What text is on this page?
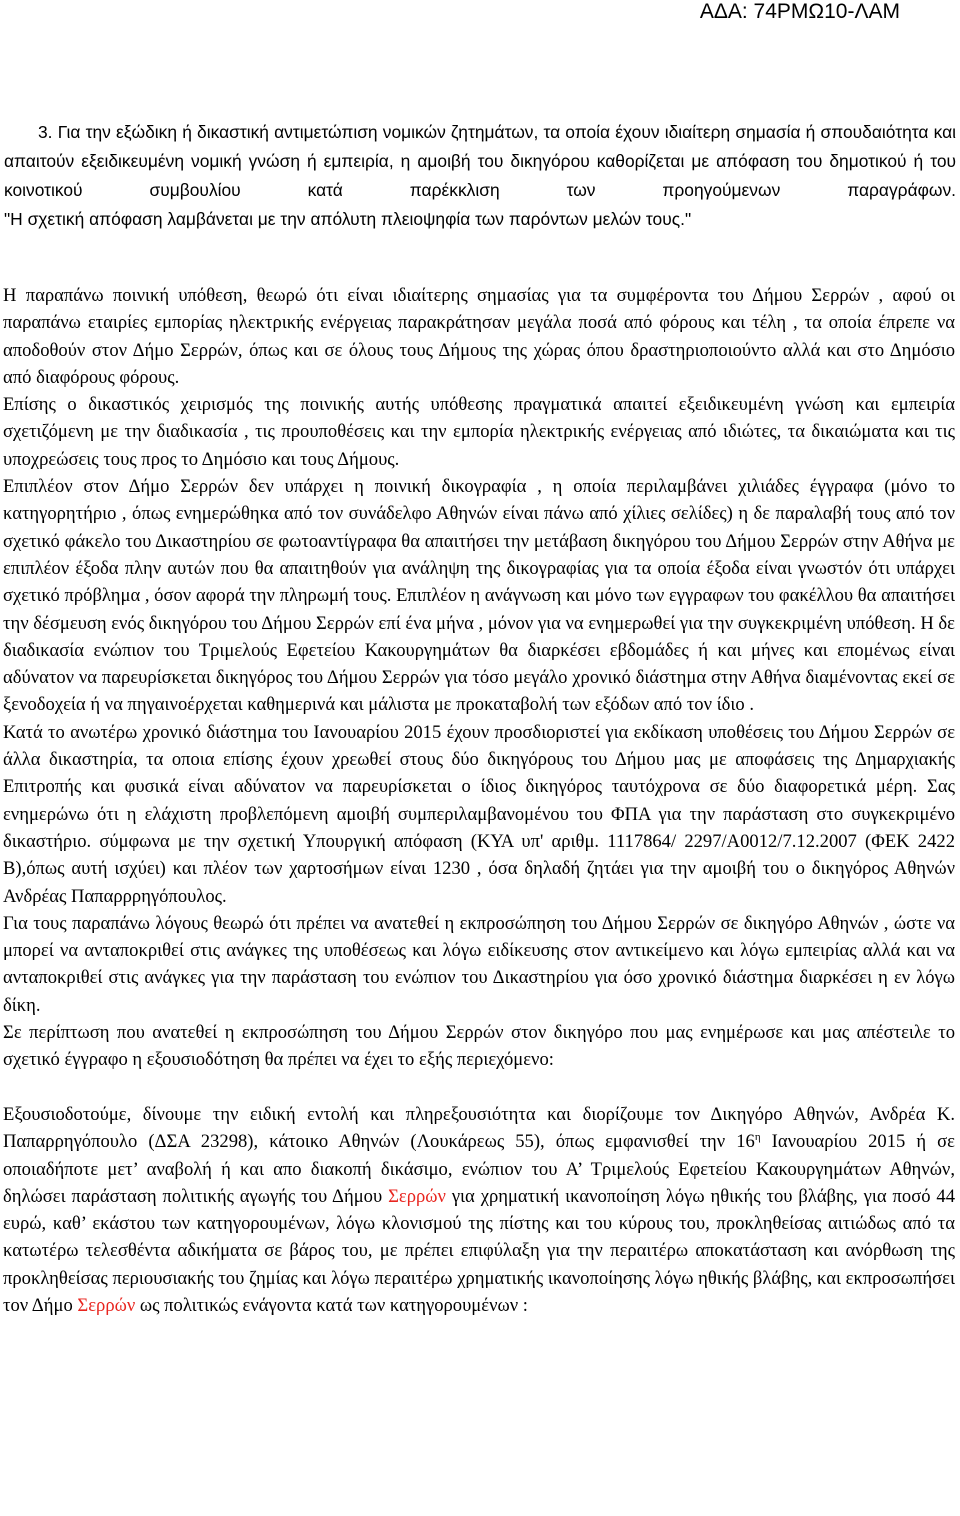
ΑΔΑ: 74ΡΜΩ10-ΛΑΜ

3. Για την εξώδικη ή δικαστική αντιμετώπιση νομικών ζητημάτων, τα οποία έχουν ιδιαίτερη σημασία ή σπουδαιότητα και απαιτούν εξειδικευμένη νομική γνώση ή εμπειρία, η αμοιβή του δικηγόρου καθορίζεται με απόφαση του δημοτικού ή του κοινοτικού συμβουλίου κατά παρέκκλιση των προηγούμενων παραγράφων.

"Η σχετική απόφαση λαμβάνεται με την απόλυτη πλειοψηφία των παρόντων μελών τους."

Η παραπάνω ποινική υπόθεση, θεωρώ ότι είναι ιδιαίτερης σημασίας για τα συμφέροντα του Δήμου Σερρών , αφού οι παραπάνω εταιρίες εμπορίας ηλεκτρικής ενέργειας παρακράτησαν μεγάλα ποσά από φόρους και τέλη , τα οποία έπρεπε να αποδοθούν στον Δήμο Σερρών, όπως και σε όλους τους Δήμους της χώρας όπου δραστηριοποιούντο αλλά και στο Δημόσιο από διαφόρους φόρους.

Επίσης ο δικαστικός χειρισμός της ποινικής αυτής υπόθεσης πραγματικά απαιτεί εξειδικευμένη γνώση και εμπειρία σχετιζόμενη με την διαδικασία , τις προυποθέσεις και την εμπορία ηλεκτρικής ενέργειας από ιδιώτες, τα δικαιώματα και τις υποχρεώσεις τους προς το Δημόσιο και τους Δήμους.

Επιπλέον στον Δήμο Σερρών δεν υπάρχει η ποινική δικογραφία , η οποία περιλαμβάνει χιλιάδες έγγραφα (μόνο το κατηγορητήριο , όπως ενημερώθηκα από τον συνάδελφο Αθηνών είναι πάνω από χίλιες σελίδες) η δε παραλαβή τους από τον σχετικό φάκελο του Δικαστηρίου σε φωτοαντίγραφα θα απαιτήσει την μετάβαση δικηγόρου του Δήμου Σερρών στην Αθήνα με επιπλέον έξοδα πλην αυτών που θα απαιτηθούν για ανάληψη της δικογραφίας για τα οποία έξοδα είναι γνωστόν ότι υπάρχει σχετικό πρόβλημα , όσον αφορά την πληρωμή τους. Επιπλέον η ανάγνωση και μόνο των εγγραφων του φακέλλου θα απαιτήσει την δέσμευση ενός δικηγόρου του Δήμου Σερρών επί ένα μήνα , μόνον για να ενημερωθεί για την συγκεκριμένη υπόθεση. Η δε διαδικασία ενώπιον του Τριμελούς Εφετείου Κακουργημάτων θα διαρκέσει εβδομάδες ή και μήνες και επομένως είναι αδύνατον να παρευρίσκεται δικηγόρος του Δήμου Σερρών για τόσο μεγάλο χρονικό διάστημα στην Αθήνα διαμένοντας εκεί σε ξενοδοχεία ή να πηγαινοέρχεται καθημερινά και μάλιστα με προκαταβολή των εξόδων από τον ίδιο .

Κατά το ανωτέρω χρονικό διάστημα του Ιανουαρίου 2015 έχουν προσδιοριστεί για εκδίκαση υποθέσεις του Δήμου Σερρών σε άλλα δικαστηρία, τα οποια επίσης έχουν χρεωθεί στους δύο δικηγόρους του Δήμου μας με αποφάσεις της Δημαρχιακής Επιτροπής και φυσικά είναι αδύνατον να παρευρίσκεται ο ίδιος δικηγόρος ταυτόχρονα σε δύο διαφορετικά μέρη. Σας ενημερώνω ότι η ελάχιστη προβλεπόμενη αμοιβή συμπεριλαμβανομένου του ΦΠΑ για την παράσταση στο συγκεκριμένο δικαστήριο. σύμφωνα με την σχετική Υπουργική απόφαση (ΚΥΑ υπ' αριθμ. 1117864/ 2297/Α0012/7.12.2007 (ΦΕΚ 2422 Β),όπως αυτή ισχύει) και πλέον των χαρτοσήμων είναι 1230 , όσα δηλαδή ζητάει για την αμοιβή του ο δικηγόρος Αθηνών Ανδρέας Παπαρρρηγόπουλος.

Για τους παραπάνω λόγους θεωρώ ότι πρέπει να ανατεθεί η εκπροσώπηση του Δήμου Σερρών σε δικηγόρο Αθηνών , ώστε να μπορεί να ανταποκριθεί στις ανάγκες της υποθέσεως και λόγω ειδίκευσης στον αντικείμενο και λόγω εμπειρίας αλλά και να ανταποκριθεί στις ανάγκες για την παράσταση του ενώπιον του Δικαστηρίου για όσο χρονικό διάστημα διαρκέσει η εν λόγω δίκη.

Σε περίπτωση που ανατεθεί η εκπροσώπηση του Δήμου Σερρών στον δικηγόρο που μας ενημέρωσε και μας απέστειλε το σχετικό έγγραφο η εξουσιοδότηση θα πρέπει να έχει το εξής περιεχόμενο:

Εξουσιοδοτούμε, δίνουμε την ειδική εντολή και πληρεξουσιότητα και διορίζουμε τον Δικηγόρο Αθηνών, Ανδρέα Κ. Παπαρρηγόπουλο (ΔΣΑ 23298), κάτοικο Αθηνών (Λουκάρεως 55), όπως εμφανισθεί την $16^\eta$ Ιανουαρίου 2015 ή σε οποιαδήποτε μετ’ αναβολή ή και απο διακοπή δικάσιμο, ενώπιον του Α’ Τριμελούς Εφετείου Κακουργημάτων Αθηνών, δηλώσει παράσταση πολιτικής αγωγής του Δήμου Σερρών για χρηματική ικανοποίηση λόγω ηθικής του βλάβης, για ποσό 44 ευρώ, καθ’ εκάστου των κατηγορουμένων, λόγω κλονισμού της πίστης και του κύρους του, προκληθείσας αιτιώδως από τα κατωτέρω τελεσθέντα αδικήματα σε βάρος του, με πρέπει επιφύλαξη για την περαιτέρω αποκατάσταση και ανόρθωση της προκληθείσας περιουσιακής του ζημίας και λόγω περαιτέρω χρηματικής ικανοποίησης λόγω ηθικής βλάβης, και εκπροσωπήσει τον Δήμο Σερρών ως πολιτικώς ενάγοντα κατά των κατηγορουμένων :
